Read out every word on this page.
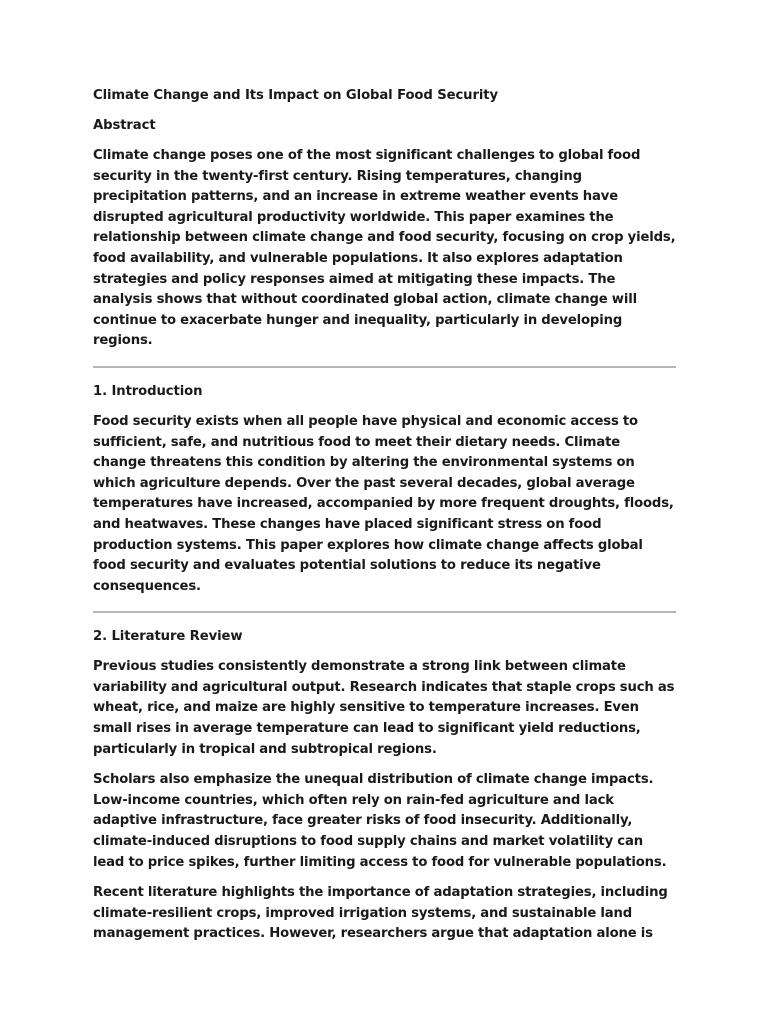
Climate Change and Its Impact on Global Food Security
Abstract

Climate change poses one of the most significant challenges to global food security in the twenty-first century. Rising temperatures, changing precipitation patterns, and an increase in extreme weather events have disrupted agricultural productivity worldwide. This paper examines the relationship between climate change and food security, focusing on crop yields, food availability, and vulnerable populations. It also explores adaptation strategies and policy responses aimed at mitigating these impacts. The analysis shows that without coordinated global action, climate change will continue to exacerbate hunger and inequality, particularly in developing regions.

1. Introduction

Food security exists when all people have physical and economic access to sufficient, safe, and nutritious food to meet their dietary needs. Climate change threatens this condition by altering the environmental systems on which agriculture depends. Over the past several decades, global average temperatures have increased, accompanied by more frequent droughts, floods, and heatwaves. These changes have placed significant stress on food production systems. This paper explores how climate change affects global food security and evaluates potential solutions to reduce its negative consequences.

2. Literature Review

Previous studies consistently demonstrate a strong link between climate variability and agricultural output. Research indicates that staple crops such as wheat, rice, and maize are highly sensitive to temperature increases. Even small rises in average temperature can lead to significant yield reductions, particularly in tropical and subtropical regions.

Scholars also emphasize the unequal distribution of climate change impacts. Low-income countries, which often rely on rain-fed agriculture and lack adaptive infrastructure, face greater risks of food insecurity. Additionally, climate-induced disruptions to food supply chains and market volatility can lead to price spikes, further limiting access to food for vulnerable populations.

Recent literature highlights the importance of adaptation strategies, including climate-resilient crops, improved irrigation systems, and sustainable land management practices. However, researchers argue that adaptation alone is
